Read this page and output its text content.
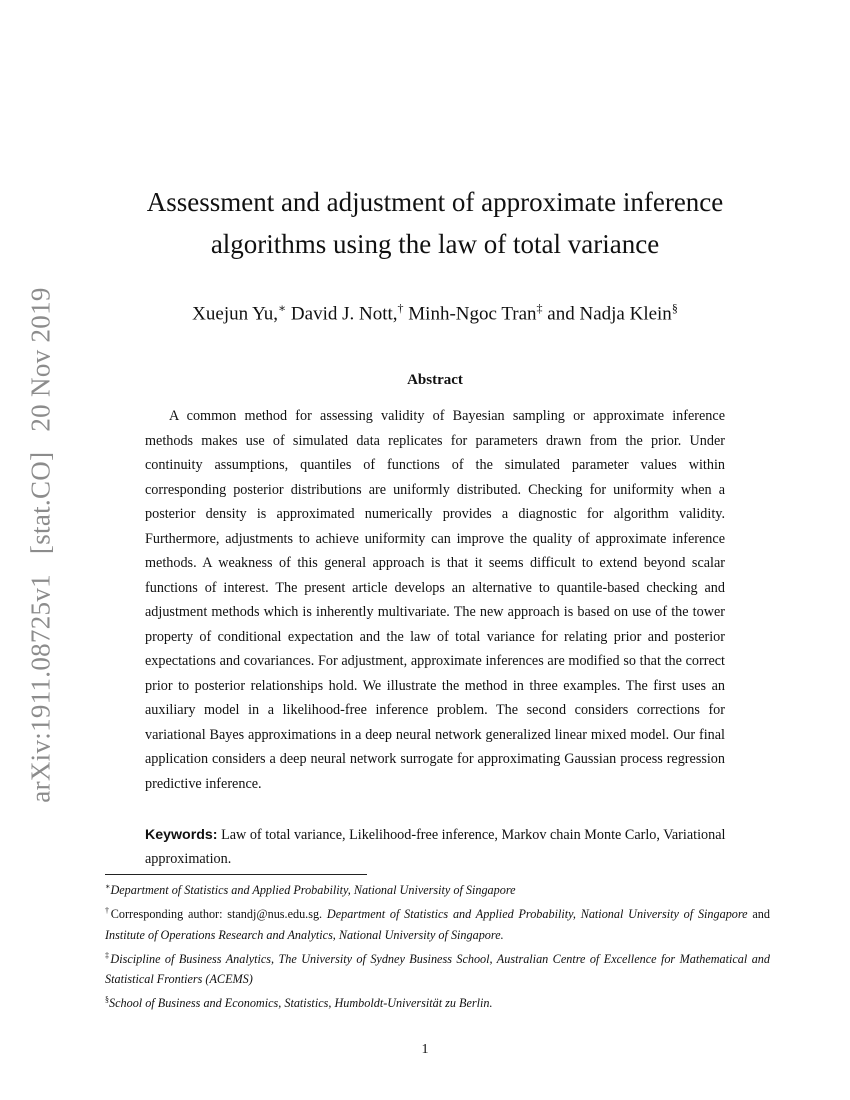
arXiv:1911.08725v1[stat.CO]20 Nov 2019
Assessment and adjustment of approximate inference
algorithms using the law of total variance
Xuejun Yu,∗ David J. Nott,† Minh-Ngoc Tran‡ and Nadja Klein§
Abstract

A common method for assessing validity of Bayesian sampling or approximate inference methods makes use of simulated data replicates for parameters drawn from the prior. Under continuity assumptions, quantiles of functions of the simulated parameter values within corresponding posterior distributions are uniformly distributed. Checking for uniformity when a posterior density is approximated numerically provides a diagnostic for algorithm validity. Furthermore, adjustments to achieve uniformity can improve the quality of approximate inference methods. A weakness of this general approach is that it seems difficult to extend beyond scalar functions of interest. The present article develops an alternative to quantile-based checking and adjustment methods which is inherently multivariate. The new approach is based on use of the tower property of conditional expectation and the law of total variance for relating prior and posterior expectations and covariances. For adjustment, approximate inferences are modified so that the correct prior to posterior relationships hold. We illustrate the method in three examples. The first uses an auxiliary model in a likelihood-free inference problem. The second considers corrections for variational Bayes approximations in a deep neural network generalized linear mixed model. Our final application considers a deep neural network surrogate for approximating Gaussian process regression predictive inference.

Keywords: Law of total variance, Likelihood-free inference, Markov chain Monte Carlo, Variational approximation.

∗Department of Statistics and Applied Probability, National University of Singapore

†Corresponding author: standj@nus.edu.sg. Department of Statistics and Applied Probability, National University of Singapore and Institute of Operations Research and Analytics, National University of Singapore.

‡Discipline of Business Analytics, The University of Sydney Business School, Australian Centre of Excellence for Mathematical and Statistical Frontiers (ACEMS)

§School of Business and Economics, Statistics, Humboldt-Universität zu Berlin.

1
